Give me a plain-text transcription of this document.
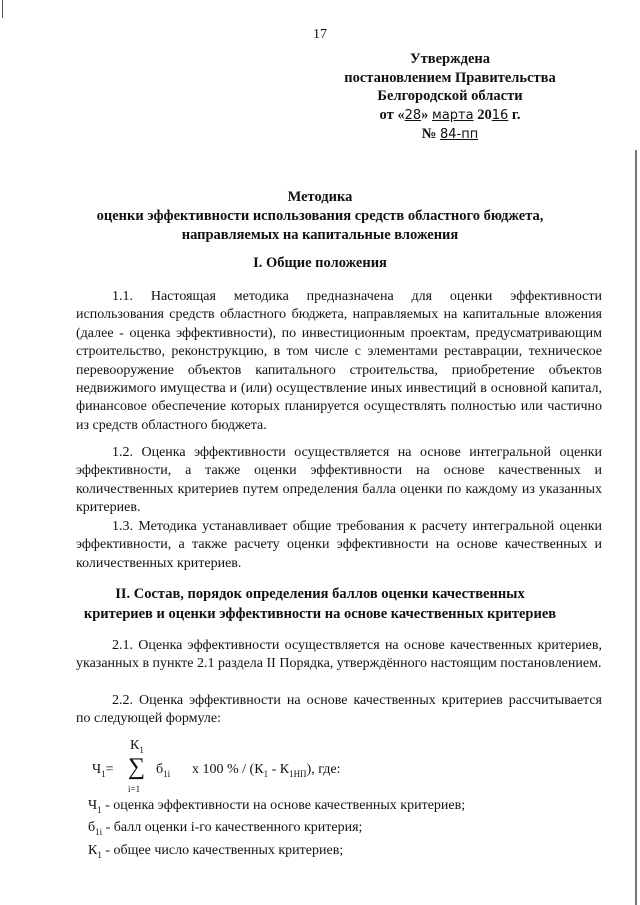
17
Утверждена
постановлением Правительства
Белгородской области
от «28» марта 2016 г.
№ 84-пп
Методика
оценки эффективности использования средств областного бюджета,
направляемых на капитальные вложения
I. Общие положения
1.1. Настоящая методика предназначена для оценки эффективности использования средств областного бюджета, направляемых на капитальные вложения (далее - оценка эффективности), по инвестиционным проектам, предусматривающим строительство, реконструкцию, в том числе с элементами реставрации, техническое перевооружение объектов капитального строительства, приобретение объектов недвижимого имущества и (или) осуществление иных инвестиций в основной капитал, финансовое обеспечение которых планируется осуществлять полностью или частично из средств областного бюджета.
1.2. Оценка эффективности осуществляется на основе интегральной оценки эффективности, а также оценки эффективности на основе качественных и количественных критериев путем определения балла оценки по каждому из указанных критериев.
1.3. Методика устанавливает общие требования к расчету интегральной оценки эффективности, а также расчету оценки эффективности на основе качественных и количественных критериев.
II. Состав, порядок определения баллов оценки качественных
критериев и оценки эффективности на основе качественных критериев
2.1. Оценка эффективности осуществляется на основе качественных критериев, указанных в пункте 2.1 раздела II Порядка, утверждённого настоящим постановлением.
2.2. Оценка эффективности на основе качественных критериев рассчитывается по следующей формуле:
$К_1$
$Ч_1=$ ∑
i=1
$б_{1i}$ x 100 % / $(К_1 - К_{1НП})$, где:
$Ч_1$ - оценка эффективности на основе качественных критериев;
$б_{1i}$ - балл оценки i-го качественного критерия;
$К_1$ - общее число качественных критериев;
